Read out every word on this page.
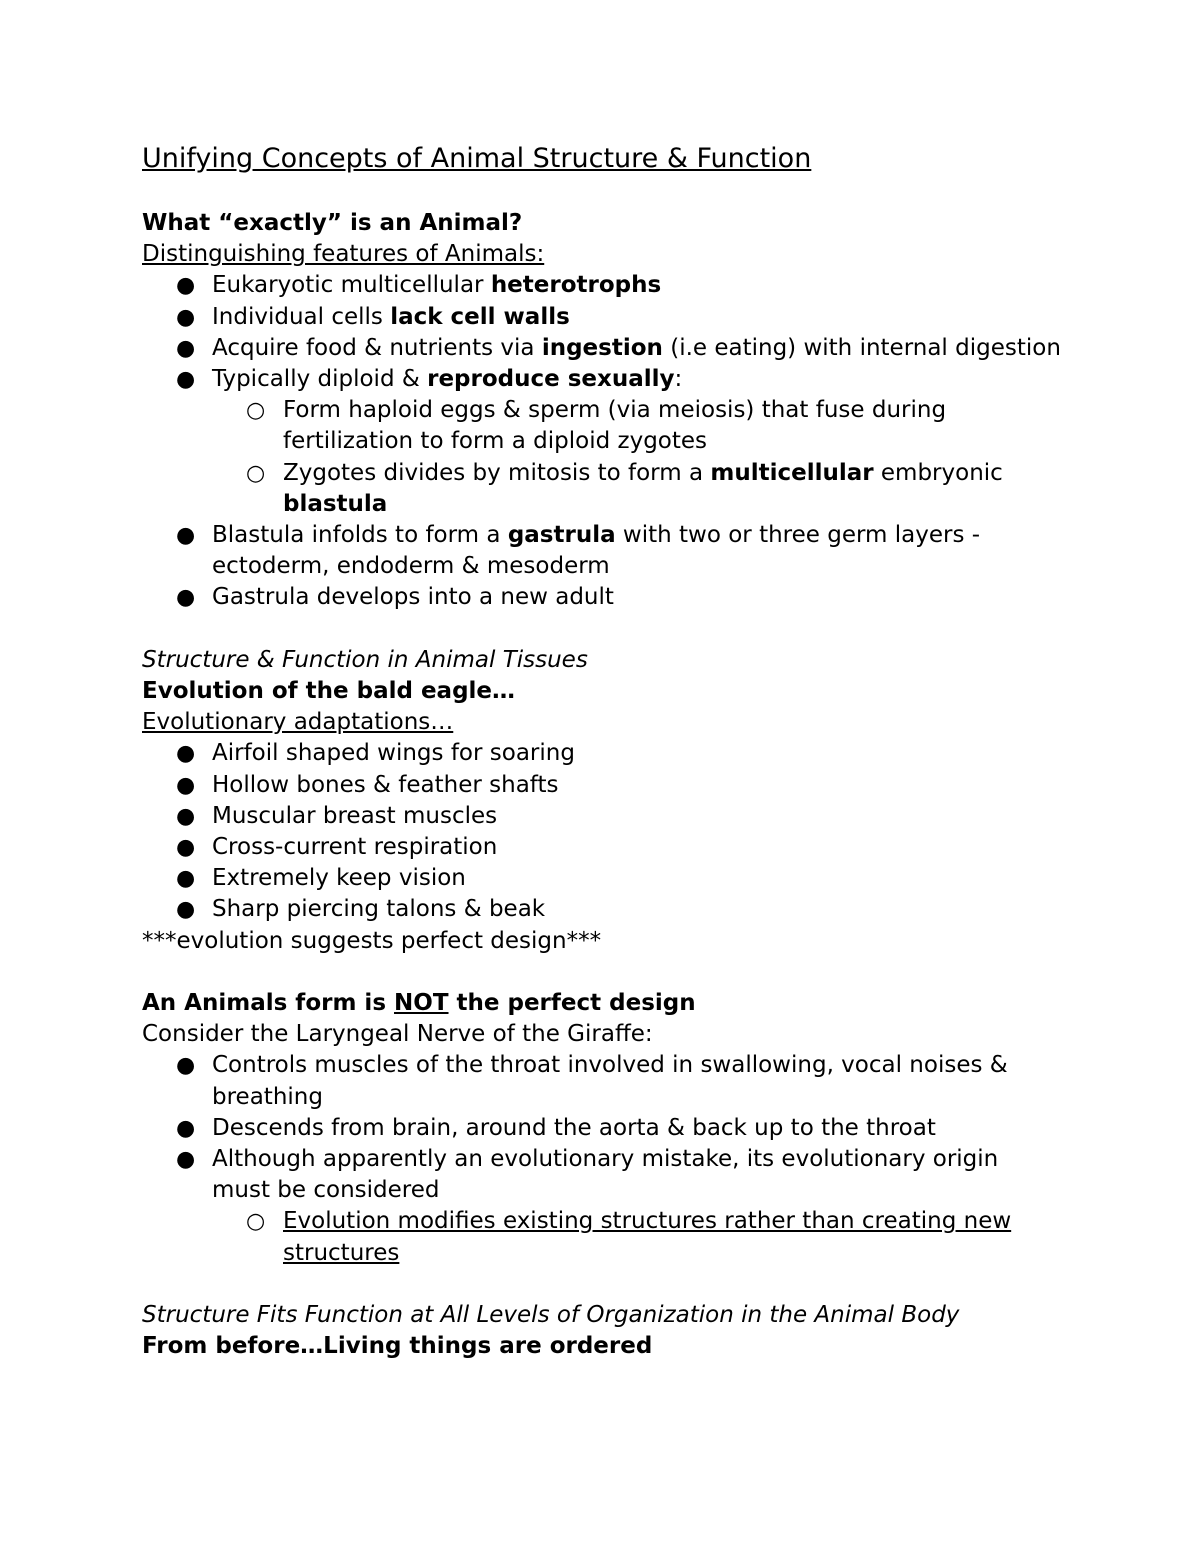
Unifying Concepts of Animal Structure & Function

What “exactly” is an Animal?

Distinguishing features of Animals:

● Eukaryotic multicellular heterotrophs
● Individual cells lack cell walls
● Acquire food & nutrients via ingestion (i.e eating) with internal digestion
● Typically diploid & reproduce sexually:
○ Form haploid eggs & sperm (via meiosis) that fuse during fertilization to form a diploid zygotes
○ Zygotes divides by mitosis to form a multicellular embryonic blastula
● Blastula infolds to form a gastrula with two or three germ layers - ectoderm, endoderm & mesoderm
● Gastrula develops into a new adult

Structure & Function in Animal Tissues

Evolution of the bald eagle…

Evolutionary adaptations…

● Airfoil shaped wings for soaring
● Hollow bones & feather shafts
● Muscular breast muscles
● Cross-current respiration
● Extremely keep vision
● Sharp piercing talons & beak

***evolution suggests perfect design***

An Animals form is NOT the perfect design

Consider the Laryngeal Nerve of the Giraffe:

● Controls muscles of the throat involved in swallowing, vocal noises & breathing
● Descends from brain, around the aorta & back up to the throat
● Although apparently an evolutionary mistake, its evolutionary origin must be considered
○ Evolution modifies existing structures rather than creating new structures

Structure Fits Function at All Levels of Organization in the Animal Body

From before…Living things are ordered
